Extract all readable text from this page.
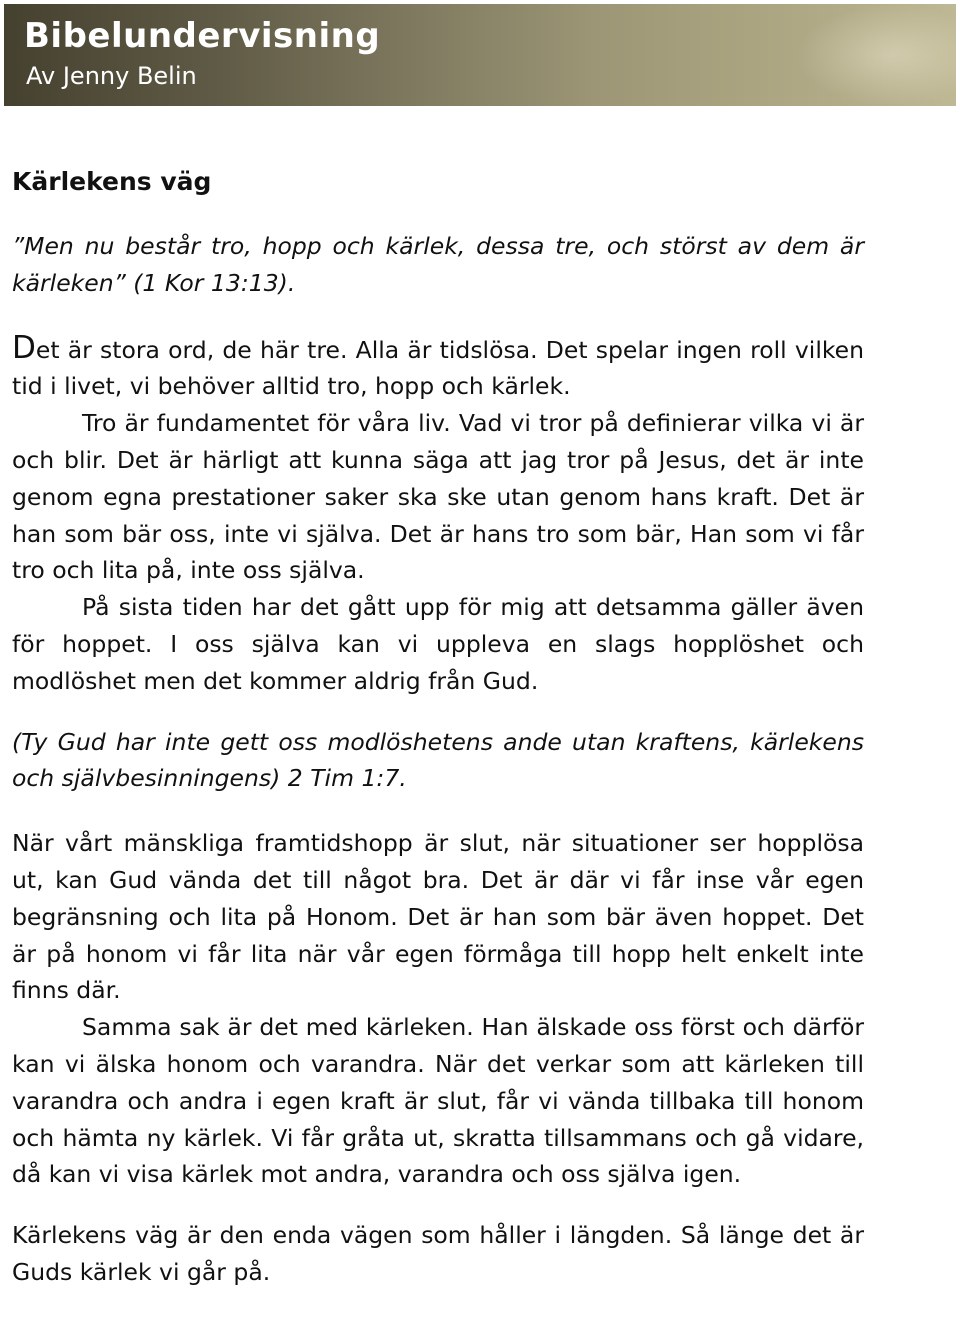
Bibelundervisning
Av Jenny Belin
Kärlekens väg

”Men nu består tro, hopp och kärlek, dessa tre, och störst av dem är kärleken” (1 Kor 13:13).

Det är stora ord, de här tre. Alla är tidslösa. Det spelar ingen roll vilken tid i livet, vi behöver alltid tro, hopp och kärlek.

Tro är fundamentet för våra liv. Vad vi tror på definierar vilka vi är och blir. Det är härligt att kunna säga att jag tror på Jesus, det är inte genom egna prestationer saker ska ske utan genom hans kraft. Det är han som bär oss, inte vi själva. Det är hans tro som bär, Han som vi får tro och lita på, inte oss själva.

På sista tiden har det gått upp för mig att detsamma gäller även för hoppet. I oss själva kan vi uppleva en slags hopplöshet och modlöshet men det kommer aldrig från Gud.

(Ty Gud har inte gett oss modlöshetens ande utan kraftens, kärlekens och självbesinningens) 2 Tim 1:7.

När vårt mänskliga framtidshopp är slut, när situationer ser hopplösa ut, kan Gud vända det till något bra. Det är där vi får inse vår egen begränsning och lita på Honom. Det är han som bär även hoppet. Det är på honom vi får lita när vår egen förmåga till hopp helt enkelt inte finns där.

Samma sak är det med kärleken. Han älskade oss först och därför kan vi älska honom och varandra. När det verkar som att kärleken till varandra och andra i egen kraft är slut, får vi vända tillbaka till honom och hämta ny kärlek. Vi får gråta ut, skratta tillsammans och gå vidare, då kan vi visa kärlek mot andra, varandra och oss själva igen.

Kärlekens väg är den enda vägen som håller i längden. Så länge det är Guds kärlek vi går på.
